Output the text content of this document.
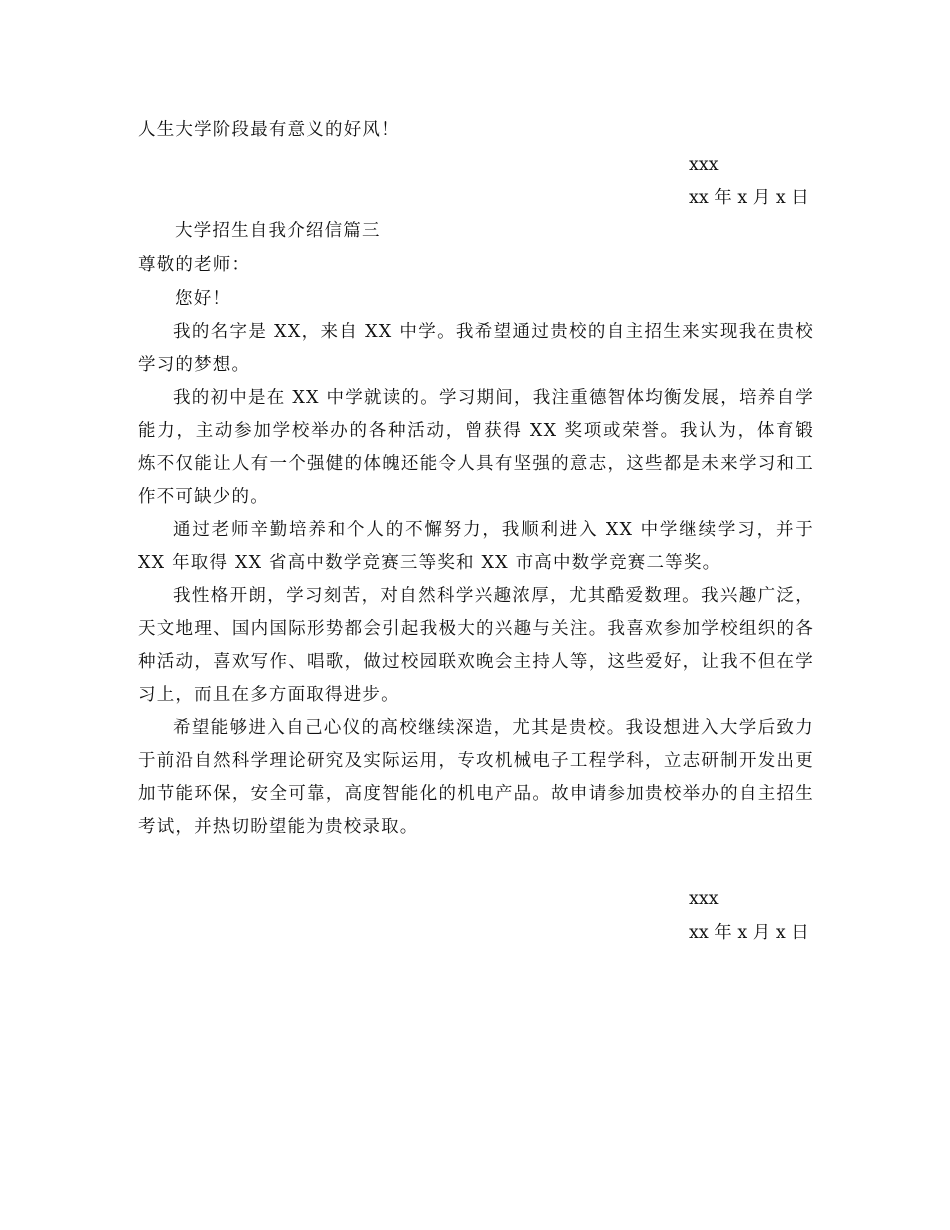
人生大学阶段最有意义的好风！
xxx
xx 年 x 月 x 日
大学招生自我介绍信篇三
尊敬的老师：
您好！

我的名字是 XX，来自 XX 中学。我希望通过贵校的自主招生来实现我在贵校学习的梦想。

我的初中是在 XX 中学就读的。学习期间，我注重德智体均衡发展，培养自学能力，主动参加学校举办的各种活动，曾获得 XX 奖项或荣誉。我认为，体育锻炼不仅能让人有一个强健的体魄还能令人具有坚强的意志，这些都是未来学习和工作不可缺少的。

通过老师辛勤培养和个人的不懈努力，我顺利进入 XX 中学继续学习，并于 XX 年取得 XX 省高中数学竞赛三等奖和 XX 市高中数学竞赛二等奖。

我性格开朗，学习刻苦，对自然科学兴趣浓厚，尤其酷爱数理。我兴趣广泛，天文地理、国内国际形势都会引起我极大的兴趣与关注。我喜欢参加学校组织的各种活动，喜欢写作、唱歌，做过校园联欢晚会主持人等，这些爱好，让我不但在学习上，而且在多方面取得进步。

希望能够进入自己心仪的高校继续深造，尤其是贵校。我设想进入大学后致力于前沿自然科学理论研究及实际运用，专攻机械电子工程学科，立志研制开发出更加节能环保，安全可靠，高度智能化的机电产品。故申请参加贵校举办的自主招生考试，并热切盼望能为贵校录取。

xxx
xx 年 x 月 x 日
